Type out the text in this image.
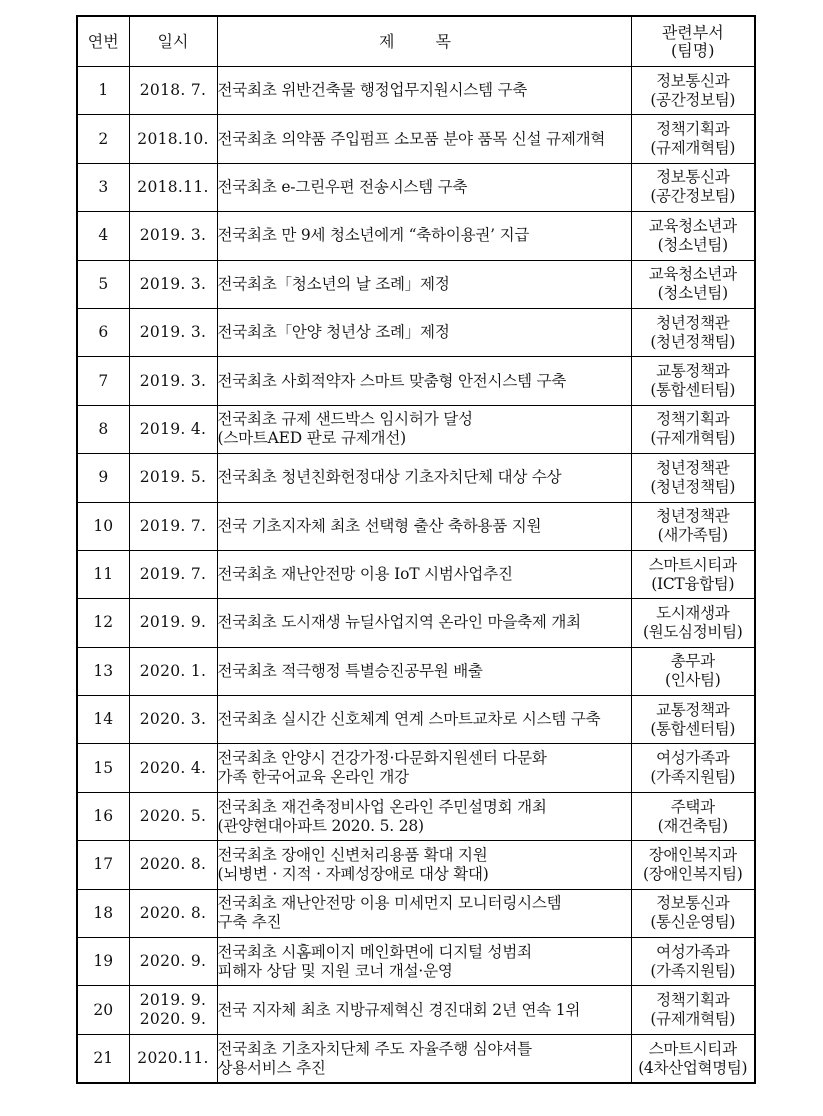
연번	일시	제 목	관련부서
(팀명)
1	2018. 7.	전국최초 위반건축물 행정업무지원시스템 구축	정보통신과
(공간정보팀)
2	2018.10.	전국최초 의약품 주입펌프 소모품 분야 품목 신설 규제개혁	정책기획과
(규제개혁팀)
3	2018.11.	전국최초 e-그린우편 전송시스템 구축	정보통신과
(공간정보팀)
4	2019. 3.	전국최초 만 9세 청소년에게 “축하이용권’ 지급	교육청소년과
(청소년팀)
5	2019. 3.	전국최초「청소년의 날 조례」제정	교육청소년과
(청소년팀)
6	2019. 3.	전국최초「안양 청년상 조례」제정	청년정책관
(청년정책팀)
7	2019. 3.	전국최초 사회적약자 스마트 맞춤형 안전시스템 구축	교통정책과
(통합센터팀)
8	2019. 4.	전국최초 규제 샌드박스 임시허가 달성
(스마트AED 판로 규제개선)	정책기획과
(규제개혁팀)
9	2019. 5.	전국최초 청년친화헌정대상 기초자치단체 대상 수상	청년정책관
(청년정책팀)
10	2019. 7.	전국 기초지자체 최초 선택형 출산 축하용품 지원	청년정책관
(새가족팀)
11	2019. 7.	전국최초 재난안전망 이용 IoT 시범사업추진	스마트시티과
(ICT융합팀)
12	2019. 9.	전국최초 도시재생 뉴딜사업지역 온라인 마을축제 개최	도시재생과
(원도심정비팀)
13	2020. 1.	전국최초 적극행정 특별승진공무원 배출	총무과
(인사팀)
14	2020. 3.	전국최초 실시간 신호체계 연계 스마트교차로 시스템 구축	교통정책과
(통합센터팀)
15	2020. 4.	전국최초 안양시 건강가정·다문화지원센터 다문화
가족 한국어교육 온라인 개강	여성가족과
(가족지원팀)
16	2020. 5.	전국최초 재건축정비사업 온라인 주민설명회 개최
(관양현대아파트 2020. 5. 28)	주택과
(재건축팀)
17	2020. 8.	전국최초 장애인 신변처리용품 확대 지원
(뇌병변 · 지적 · 자폐성장애로 대상 확대)	장애인복지과
(장애인복지팀)
18	2020. 8.	전국최초 재난안전망 이용 미세먼지 모니터링시스템
구축 추진	정보통신과
(통신운영팀)
19	2020. 9.	전국최초 시홈페이지 메인화면에 디지털 성범죄
피해자 상담 및 지원 코너 개설·운영	여성가족과
(가족지원팀)
20	2019. 9.
2020. 9.	전국 지자체 최초 지방규제혁신 경진대회 2년 연속 1위	정책기획과
(규제개혁팀)
21	2020.11.	전국최초 기초자치단체 주도 자율주행 심야셔틀
상용서비스 추진	스마트시티과
(4차산업혁명팀)
